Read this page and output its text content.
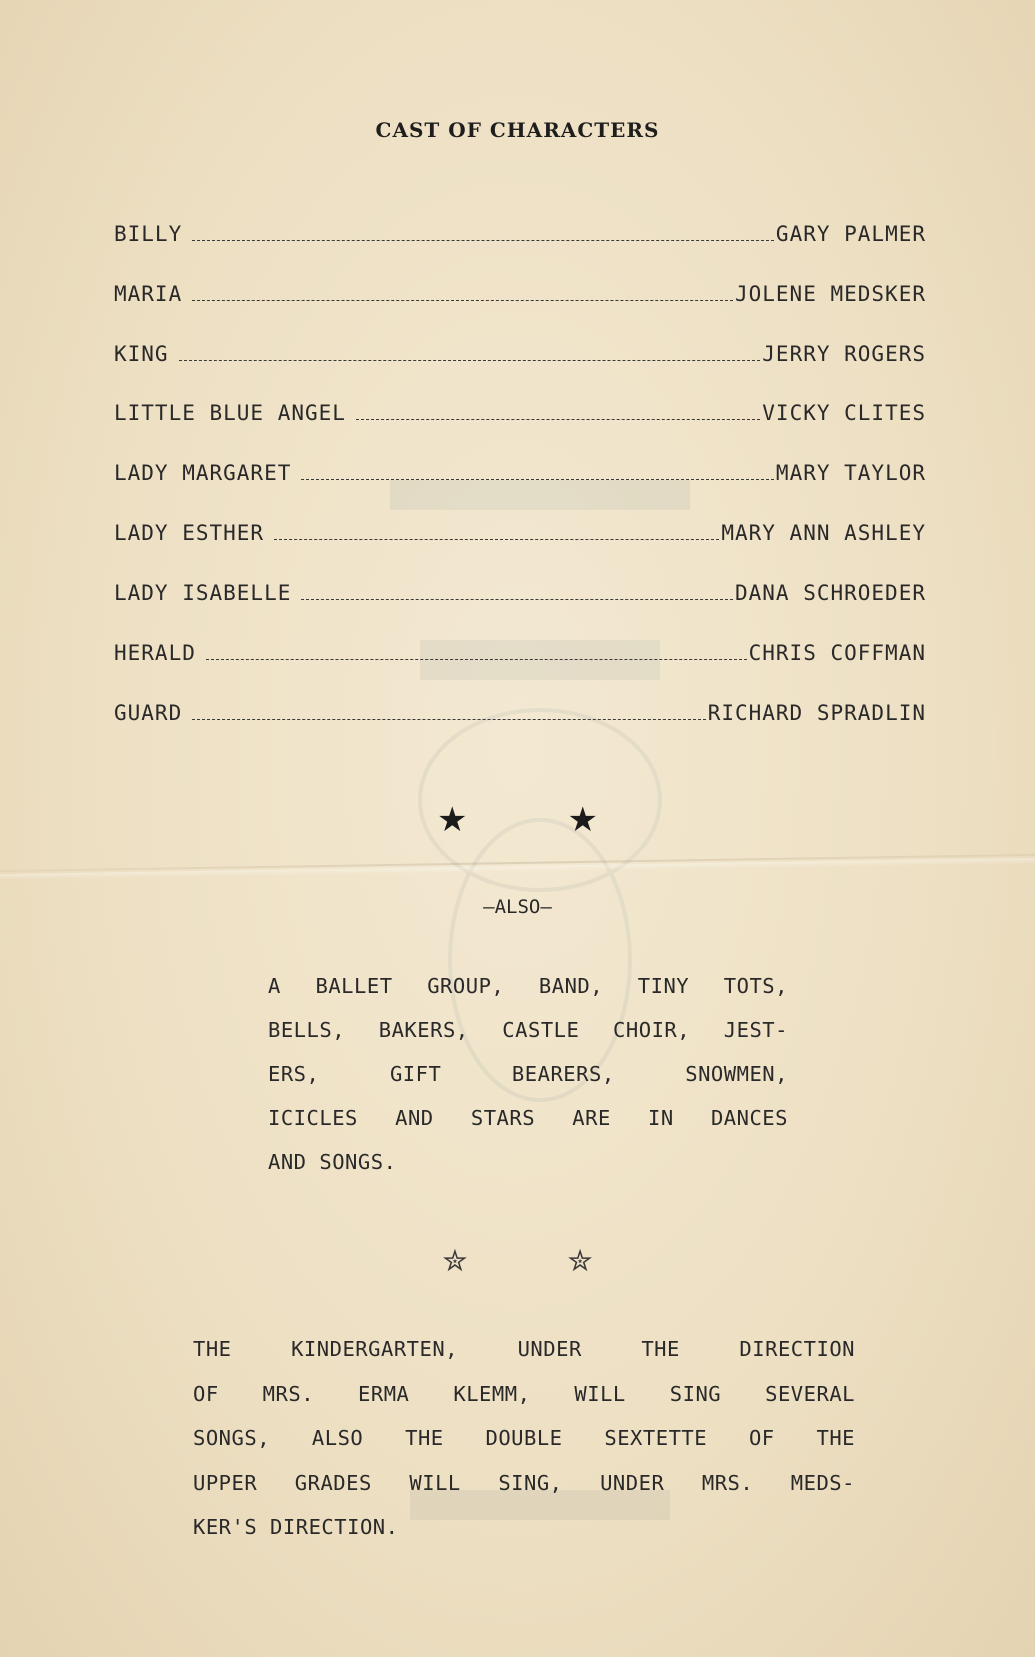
CAST OF CHARACTERS
BILLY	GARY PALMER
MARIA	JOLENE MEDSKER
KING	JERRY ROGERS
LITTLE BLUE ANGEL	VICKY CLITES
LADY MARGARET	MARY TAYLOR
LADY ESTHER	MARY ANN ASHLEY
LADY ISABELLE	DANA SCHROEDER
HERALD	CHRIS COFFMAN
GUARD	RICHARD SPRADLIN
★	★
—ALSO—
A BALLET GROUP, BAND, TINY TOTS,
BELLS, BAKERS, CASTLE CHOIR, JEST-
ERS, GIFT BEARERS, SNOWMEN,
ICICLES AND STARS ARE IN DANCES
AND SONGS.
✮	✮
THE KINDERGARTEN, UNDER THE DIRECTION
OF MRS. ERMA KLEMM, WILL SING SEVERAL
SONGS, ALSO THE DOUBLE SEXTETTE OF THE
UPPER GRADES WILL SING, UNDER MRS. MEDS-
KER'S DIRECTION.
